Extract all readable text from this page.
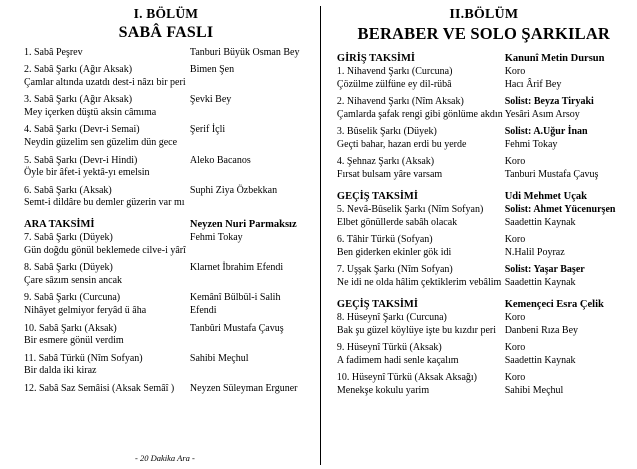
I. BÖLÜM
SABÂ FASLI
1. Sabâ Peşrev	Tanburi Büyük Osman Bey
2. Sabâ Şarkı (Ağır Aksak)
Çamlar altında uzatdı dest-i nâzı bir peri
Bimen Şen
3. Sabâ Şarkı (Ağır Aksak)
Mey içerken düştü aksin câmıma
Şevki Bey
4. Sabâ Şarkı (Devr-i Semai)
Neydin güzelim sen güzelim dün gece
Şerif İçli
5. Sabâ Şarkı (Devr-i Hindi)
Öyle bir âfet-i yektâ-yı emelsin
Aleko Bacanos
6. Sabâ Şarkı (Aksak)
Semt-i dildâre bu demler güzerin var mı
Suphi Ziya Özbekkan
ARA TAKSİMİ	Neyzen Nuri Parmaksız
7. Sabâ Şarkı (Düyek)
Gün doğdu gönül beklemede cilve-i yârî
Fehmi Tokay
8. Sabâ Şarkı (Düyek)
Çare sâzım sensin ancak
Klarnet İbrahim Efendi
9. Sabâ Şarkı (Curcuna)
Nihâyet gelmiyor feryâd ü âha
Kemânî Bülbül-i Salih
Efendi
10. Sabâ Şarkı (Aksak)
Bir esmere gönül verdim
Tanbûri Mustafa Çavuş
11. Sabâ Türkü (Nîm Sofyan)
Bir dalda iki kiraz
Sahibi Meçhul
12. Sabâ Saz Semâisi (Aksak Semâî )	Neyzen Süleyman Erguner
- 20 Dakika Ara -
II.BÖLÜM
BERABER VE SOLO ŞARKILAR
GİRİŞ TAKSİMİ	Kanunî Metin Dursun
1. Nihavend Şarkı (Curcuna)
Çözülme zülfüne ey dil-rübâ
Koro
Hacı Ârif Bey
2. Nihavend Şarkı (Nîm Aksak)
Çamlarda şafak rengi gibi gönlüme akdın
Solist: Beyza Tiryaki
Yesâri Asım Arsoy
3. Bûselik Şarkı (Düyek)
Geçti bahar, hazan erdi bu yerde
Solist: A.Uğur İnan
Fehmi Tokay
4. Şehnaz Şarkı (Aksak)
Fırsat bulsam yâre varsam
Koro
Tanburi Mustafa Çavuş
GEÇİŞ TAKSİMİ	Udi Mehmet Uçak
5. Nevâ-Bûselik Şarkı (Nîm Sofyan)
Elbet gönüllerde sabâh olacak
Solist: Ahmet Yücenurşen
Saadettin Kaynak
6. Tâhir Türkü (Sofyan)
Ben giderken ekinler gök idi
Koro
N.Halil Poyraz
7. Uşşak Şarkı (Nîm Sofyan)
Ne idi ne olda hâlim çektiklerim vebâlim
Solist: Yaşar Başer
Saadettin Kaynak
GEÇİŞ TAKSİMİ	Kemençeci Esra Çelik
8. Hüseynî Şarkı (Curcuna)
Bak şu güzel köylüye işte bu kızdır peri
Koro
Danbeni Rıza Bey
9. Hüseynî Türkü (Aksak)
A fadimem hadi senle kaçalım
Koro
Saadettin Kaynak
10. Hüseynî Türkü (Aksak Aksağı)
Menekşe kokulu yarim
Koro
Sahibi Meçhul
